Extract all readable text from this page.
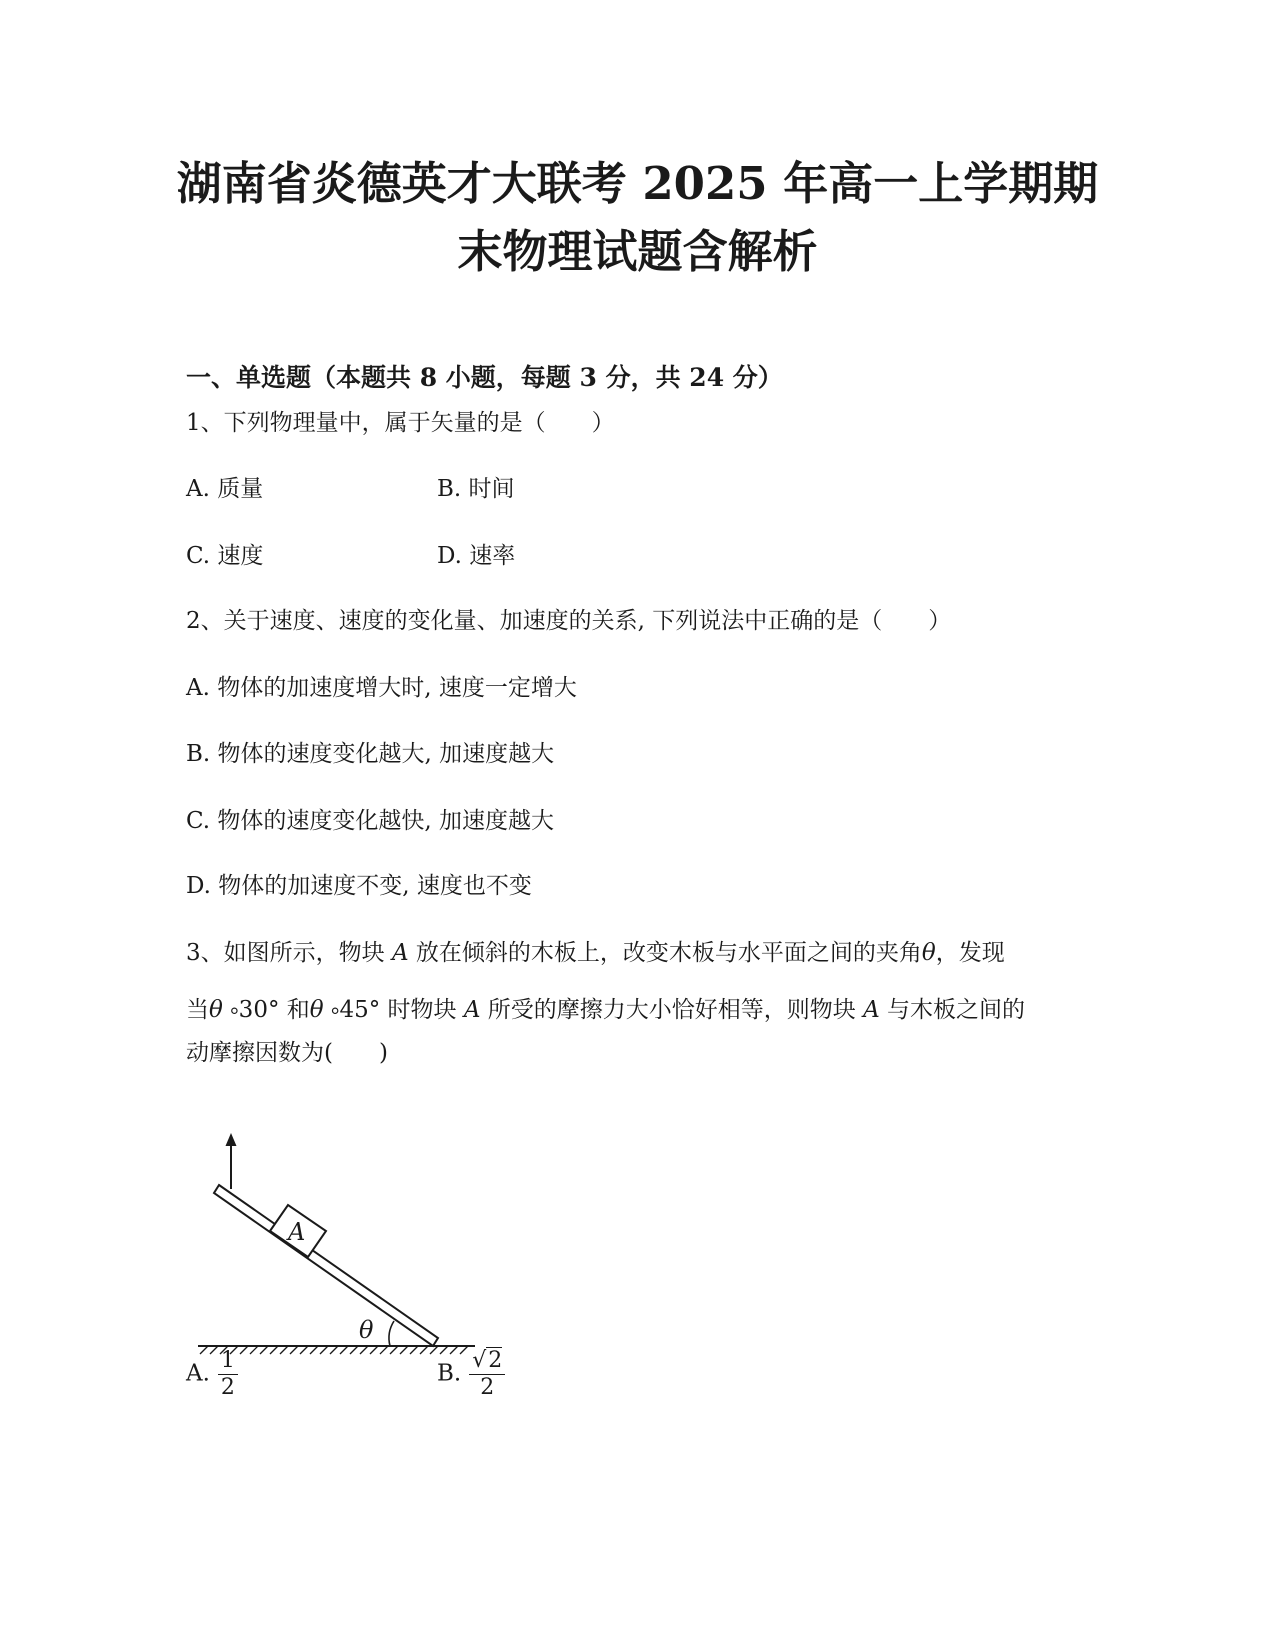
湖南省炎德英才大联考 2025 年高一上学期期
末物理试题含解析
一、单选题（本题共 8 小题，每题 3 分，共 24 分）
1、下列物理量中，属于矢量的是（　　）
A. 质量	B. 时间
C. 速度	D. 速率
2、关于速度、速度的变化量、加速度的关系, 下列说法中正确的是（　　）
A. 物体的加速度增大时, 速度一定增大
B. 物体的速度变化越大, 加速度越大
C. 物体的速度变化越快, 加速度越大
D. 物体的加速度不变, 速度也不变
3、如图所示，物块 A 放在倾斜的木板上，改变木板与水平面之间的夹角θ，发现
当θ ༚30° 和θ ༚45° 时物块 A 所受的摩擦力大小恰好相等，则物块 A 与木板之间的
动摩擦因数为(　　)
A
θ
A. $\frac{1}{2}$	B. $\frac{√2}{2}$
